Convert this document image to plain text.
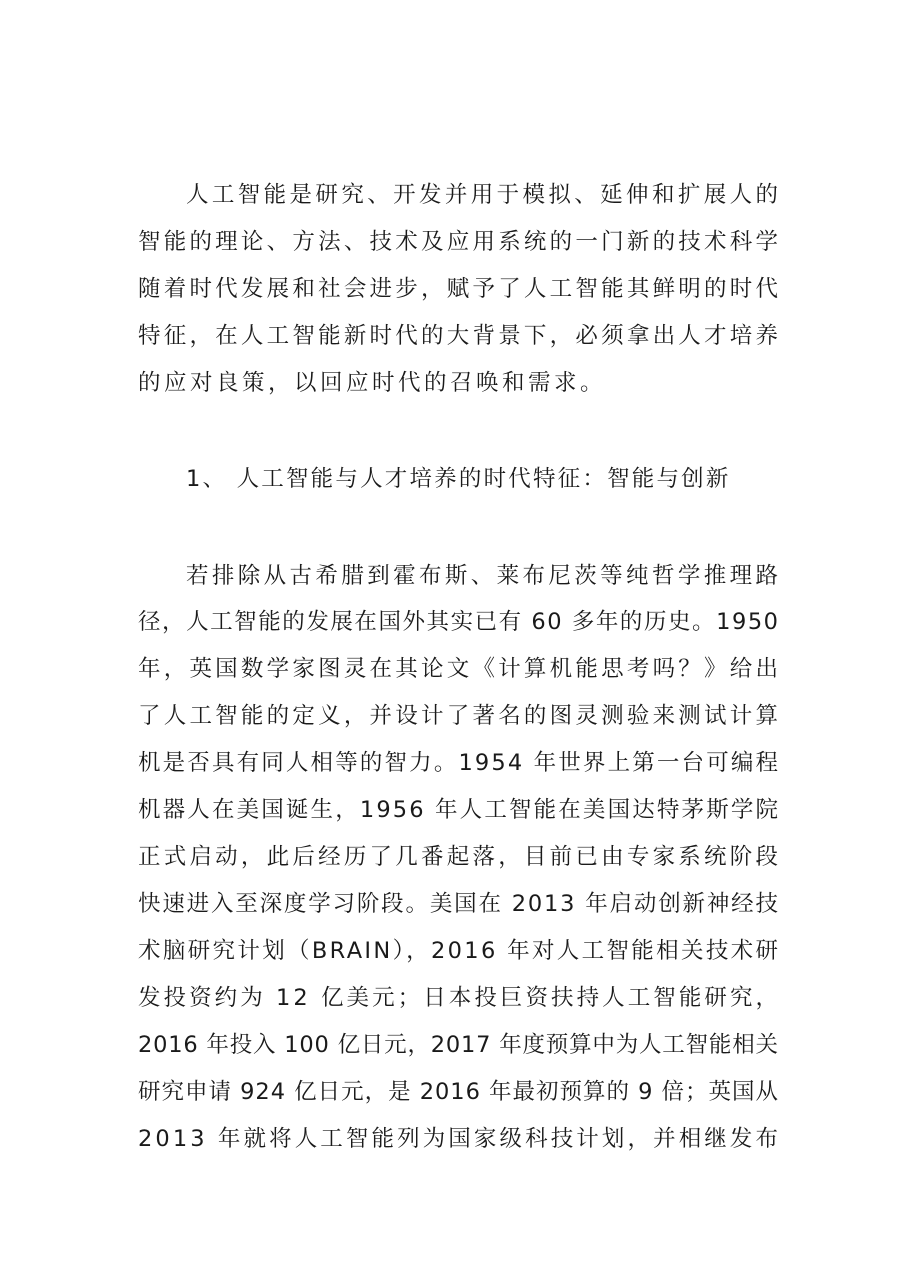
人工智能是研究、开发并用于模拟、延伸和扩展人的
智能的理论、方法、技术及应用系统的一门新的技术科学
随着时代发展和社会进步，赋予了人工智能其鲜明的时代
特征，在人工智能新时代的大背景下，必须拿出人才培养
的应对良策，以回应时代的召唤和需求。
1、 人工智能与人才培养的时代特征：智能与创新
若排除从古希腊到霍布斯、莱布尼茨等纯哲学推理路
径，人工智能的发展在国外其实已有 60 多年的历史。1950
年，英国数学家图灵在其论文《计算机能思考吗？》给出
了人工智能的定义，并设计了著名的图灵测验来测试计算
机是否具有同人相等的智力。1954 年世界上第一台可编程
机器人在美国诞生，1956 年人工智能在美国达特茅斯学院
正式启动，此后经历了几番起落，目前已由专家系统阶段
快速进入至深度学习阶段。美国在 2013 年启动创新神经技
术脑研究计划（BRAIN），2016 年对人工智能相关技术研
发投资约为 12 亿美元；日本投巨资扶持人工智能研究，
2016 年投入 100 亿日元，2017 年度预算中为人工智能相关
研究申请 924 亿日元，是 2016 年最初预算的 9 倍；英国从
2013 年就将人工智能列为国家级科技计划，并相继发布
